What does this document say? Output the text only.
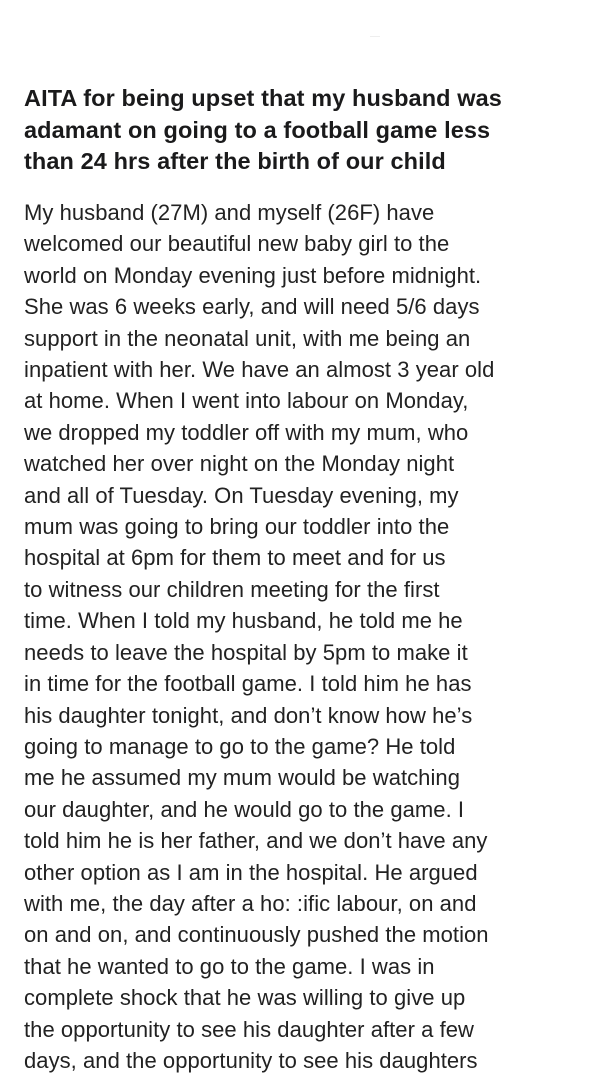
AITA for being upset that my husband was
adamant on going to a football game less
than 24 hrs after the birth of our child
My husband (27M) and myself (26F) have
welcomed our beautiful new baby girl to the
world on Monday evening just before midnight.
She was 6 weeks early, and will need 5/6 days
support in the neonatal unit, with me being an
inpatient with her. We have an almost 3 year old
at home. When I went into labour on Monday,
we dropped my toddler off with my mum, who
watched her over night on the Monday night
and all of Tuesday. On Tuesday evening, my
mum was going to bring our toddler into the
hospital at 6pm for them to meet and for us
to witness our children meeting for the first
time. When I told my husband, he told me he
needs to leave the hospital by 5pm to make it
in time for the football game. I told him he has
his daughter tonight, and don’t know how he’s
going to manage to go to the game? He told
me he assumed my mum would be watching
our daughter, and he would go to the game. I
told him he is her father, and we don’t have any
other option as I am in the hospital. He argued
with me, the day after a ho: :ific labour, on and
on and on, and continuously pushed the motion
that he wanted to go to the game. I was in
complete shock that he was willing to give up
the opportunity to see his daughter after a few
days, and the opportunity to see his daughters
